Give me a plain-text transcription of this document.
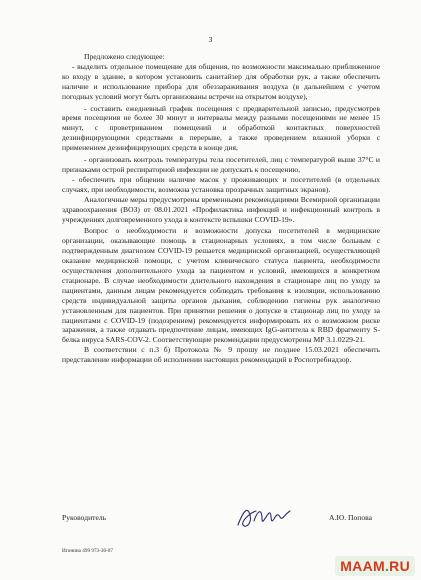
3

Предложено следующее:

- выделить отдельное помещение для общения, по возможности максимально приближенное ко входу в здание, в котором установить санитайзер для обработки рук, а также обеспечить наличие и использование прибора для обеззараживания воздуха (в дальнейшем с учетом погодных условий могут быть организованы встречи на открытом воздухе),

- составить ежедневный график посещения с предварительной записью, предусмотрев время посещения не более 30 минут и интервалы между разными посещениями не менее 15 минут, с проветриванием помещений и обработкой контактных поверхностей дезинфицирующими средствами в перерыве, а также проведением влажной уборки с применением дезинфицирующих средств в конце дня,

- организовать контроль температуры тела посетителей, лиц с температурой выше 37°С и признаками острой респираторной инфекции не допускать к посещению,

- обеспечить при общении наличие масок у проживающих и посетителей (в отдельных случаях, при необходимости, возможна установка прозрачных защитных экранов).

Аналогичные меры предусмотрены временными рекомендациями Всемирной организации здравоохранения (ВОЗ) от 08.01.2021 «Профилактика инфекций и инфекционный контроль в учреждениях долговременного ухода в контексте вспышки COVID-19».

Вопрос о необходимости и возможности допуска посетителей в медицинские организации, оказывающие помощь в стационарных условиях, в том числе больным с подтвержденным диагнозом COVID-19 решается медицинской организацией, осуществляющей оказание медицинской помощи, с учетом клинического статуса пациента, необходимости осуществления дополнительного ухода за пациентом и условий, имеющихся в конкретном стационаре. В случае необходимости длительного нахождения в стационаре лиц по уходу за пациентами, данным лицам рекомендуется соблюдать требования к изоляции, использованию средств индивидуальной защиты органов дыхания, соблюдению гигиены рук аналогично установленным для пациентов. При принятии решения о допуске в стационар лиц по уходу за пациентами с COVID-19 (подозрением) рекомендуется информировать их о возможном риске заражения, а также отдавать предпочтение лицам, имеющих IgG-антитела к RBD фрагменту S-белка вируса SARS-COV-2. Соответствующие рекомендации предусмотрены МР 3.1.0229-21.

В соответствии с п.3 б) Протокола № 9 прошу не позднее 15.03.2021 обеспечить представление информации об исполнении настоящих рекомендаций в Роспотребнадзор.

Руководитель	А.Ю. Попова
Игонина 499 973-30-07
MAAM.RU
